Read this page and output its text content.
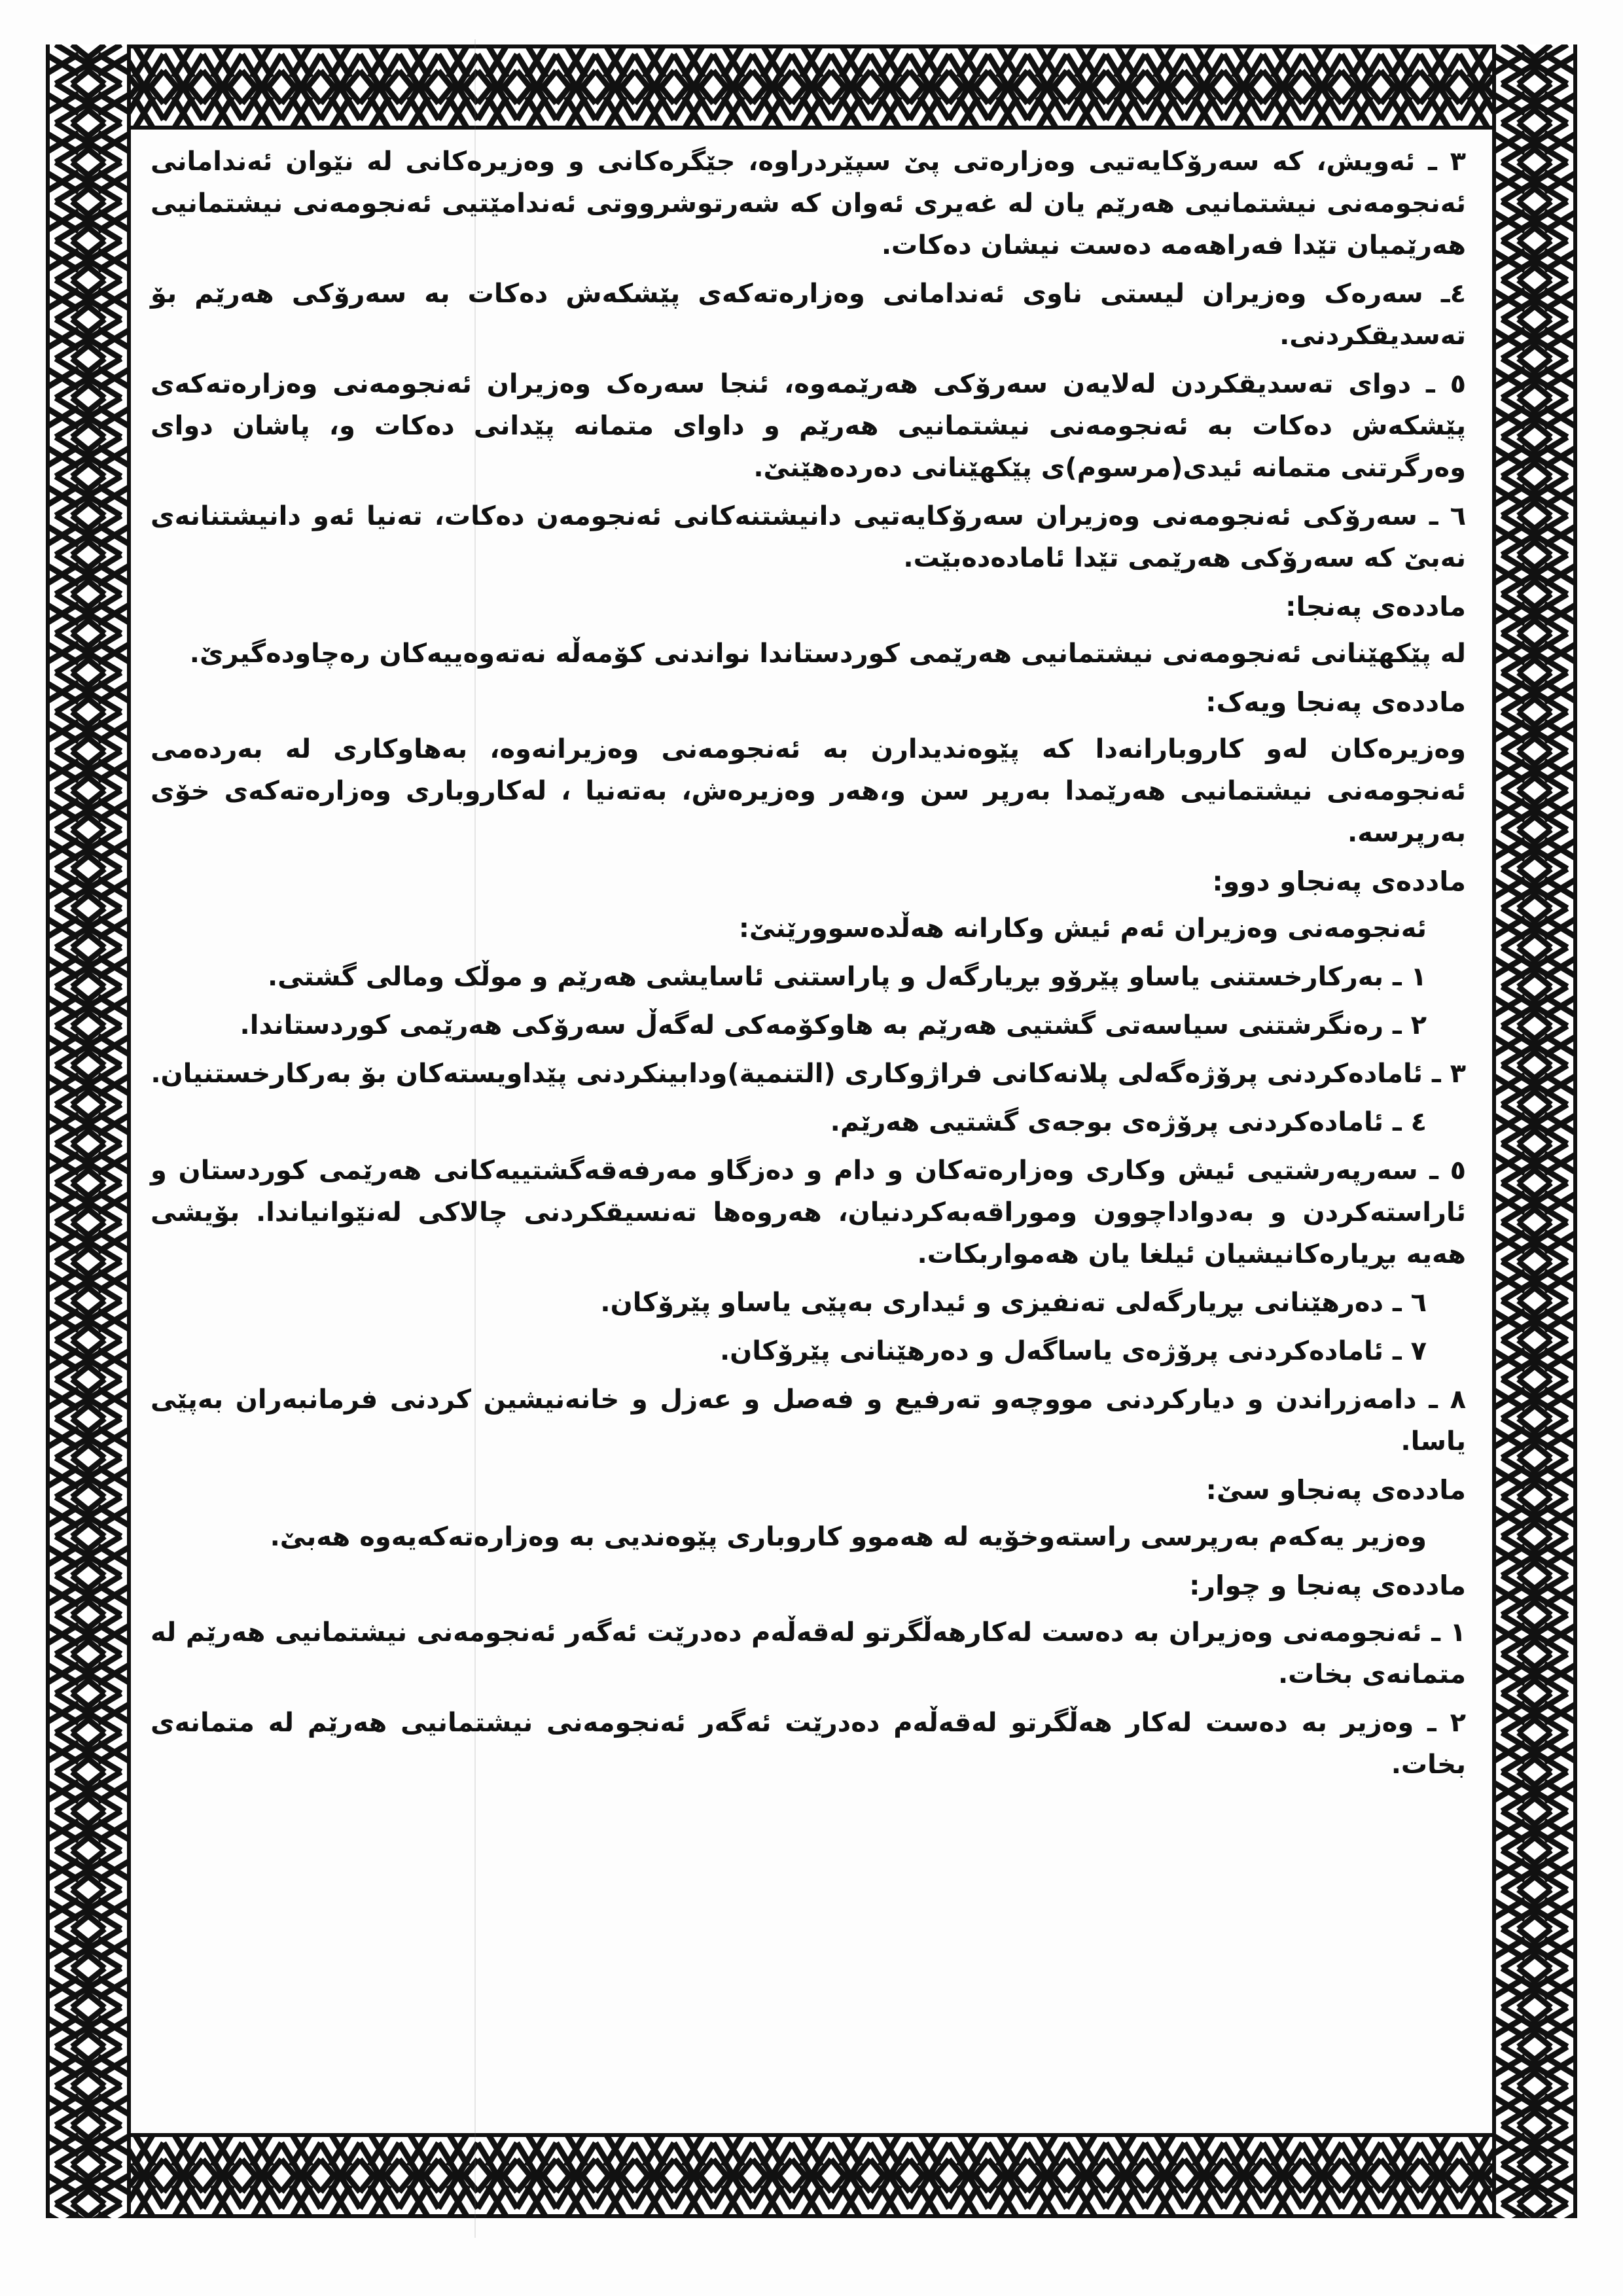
٣ ـ ئەویش، کە سەرۆکایەتیی وەزارەتی پێ سپێردراوە، جێگرەکانی و وەزیرەکانی لە نێوان ئەندامانی ئەنجومەنی نیشتمانیی هەرێم یان لە غەیری ئەوان کە شەرتوشرووتی ئەندامێتیی ئەنجومەنی نیشتمانیی هەرێمیان تێدا فەراهەمە دەست نیشان دەکات.

٤ـ سەرەک وەزیران لیستی ناوی ئەندامانی وەزارەتەکەی پێشکەش دەکات بە سەرۆکی هەرێم بۆ تەسدیقکردنی.

٥ ـ دوای تەسدیقکردن لەلایەن سەرۆکی هەرێمەوە، ئنجا سەرەک وەزیران ئەنجومەنی وەزارەتەکەی پێشکەش دەکات بە ئەنجومەنی نیشتمانیی هەرێم و داوای متمانە پێدانی دەکات و، پاشان دوای وەرگرتنی متمانە ئیدی(مرسوم)ی پێکهێنانی دەردەهێنێ.

٦ ـ سەرۆکی ئەنجومەنی وەزیران سەرۆکایەتیی دانیشتنەکانی ئەنجومەن دەکات، تەنیا ئەو دانیشتنانەی نەبێ کە سەرۆکی هەرێمی تێدا ئامادەدەبێت.

ماددەی پەنجا:

لە پێکهێنانی ئەنجومەنی نیشتمانیی هەرێمی کوردستاندا نواندنی کۆمەڵە نەتەوەییەکان رەچاودەگیرێ.

ماددەی پەنجا ویەک:

وەزیرەکان لەو کاروبارانەدا کە پێوەندیدارن بە ئەنجومەنی وەزیرانەوە، بەهاوکاری لە بەردەمی ئەنجومەنی نیشتمانیی هەرێمدا بەرپر سن و،هەر وەزیرەش، بەتەنیا ، لەکاروباری وەزارەتەکەی خۆی بەرپرسە.

ماددەی پەنجاو دوو:

ئەنجومەنی وەزیران ئەم ئیش وکارانە هەڵدەسوورێنێ:

١ ـ بەرکارخستنی یاساو پێرۆو بڕیارگەل و پاراستنی ئاسایشی هەرێم و موڵک ومالی گشتی.

٢ ـ رەنگرشتنی سیاسەتی گشتیی هەرێم بە هاوکۆمەکی لەگەڵ سەرۆکی هەرێمی کوردستاندا.

٣ ـ ئامادەکردنی پرۆژەگەلی پلانەکانی فراژوکاری (التنمیة)ودابینکردنی پێداویستەکان بۆ بەرکارخستنیان.

٤ ـ ئامادەکردنی پرۆژەی بوجەی گشتیی هەرێم.

٥ ـ سەرپەرشتیی ئیش وکاری وەزارەتەکان و دام و دەزگاو مەرفەقەگشتییەکانی هەرێمی کوردستان و ئاراستەکردن و بەدواداچوون وموراقەبەکردنیان، هەروەها تەنسیقکردنی چالاکی لەنێوانیاندا. بۆیشی هەیە بڕیارەکانیشیان ئیلغا یان هەمواربکات.

٦ ـ دەرهێنانی بڕیارگەلی تەنفیزی و ئیداری بەپێی یاساو پێرۆکان.

٧ ـ ئامادەکردنی پرۆژەی یاساگەل و دەرهێنانی پێرۆکان.

٨ ـ دامەزراندن و دیارکردنی مووچەو تەرفیع و فەصل و عەزل و خانەنیشین کردنی فرمانبەران بەپێی یاسا.

ماددەی پەنجاو سێ:

وەزیر یەکەم بەرپرسی راستەوخۆیە لە هەموو کاروباری پێوەندیی بە وەزارەتەکەیەوە هەبێ.

ماددەی پەنجا و چوار:

١ ـ ئەنجومەنی وەزیران بە دەست لەکارهەڵگرتو لەقەڵەم دەدرێت ئەگەر ئەنجومەنی نیشتمانیی هەرێم لە متمانەی بخات.

٢ ـ وەزیر بە دەست لەکار هەڵگرتو لەقەڵەم دەدرێت ئەگەر ئەنجومەنی نیشتمانیی هەرێم لە متمانەی بخات.
